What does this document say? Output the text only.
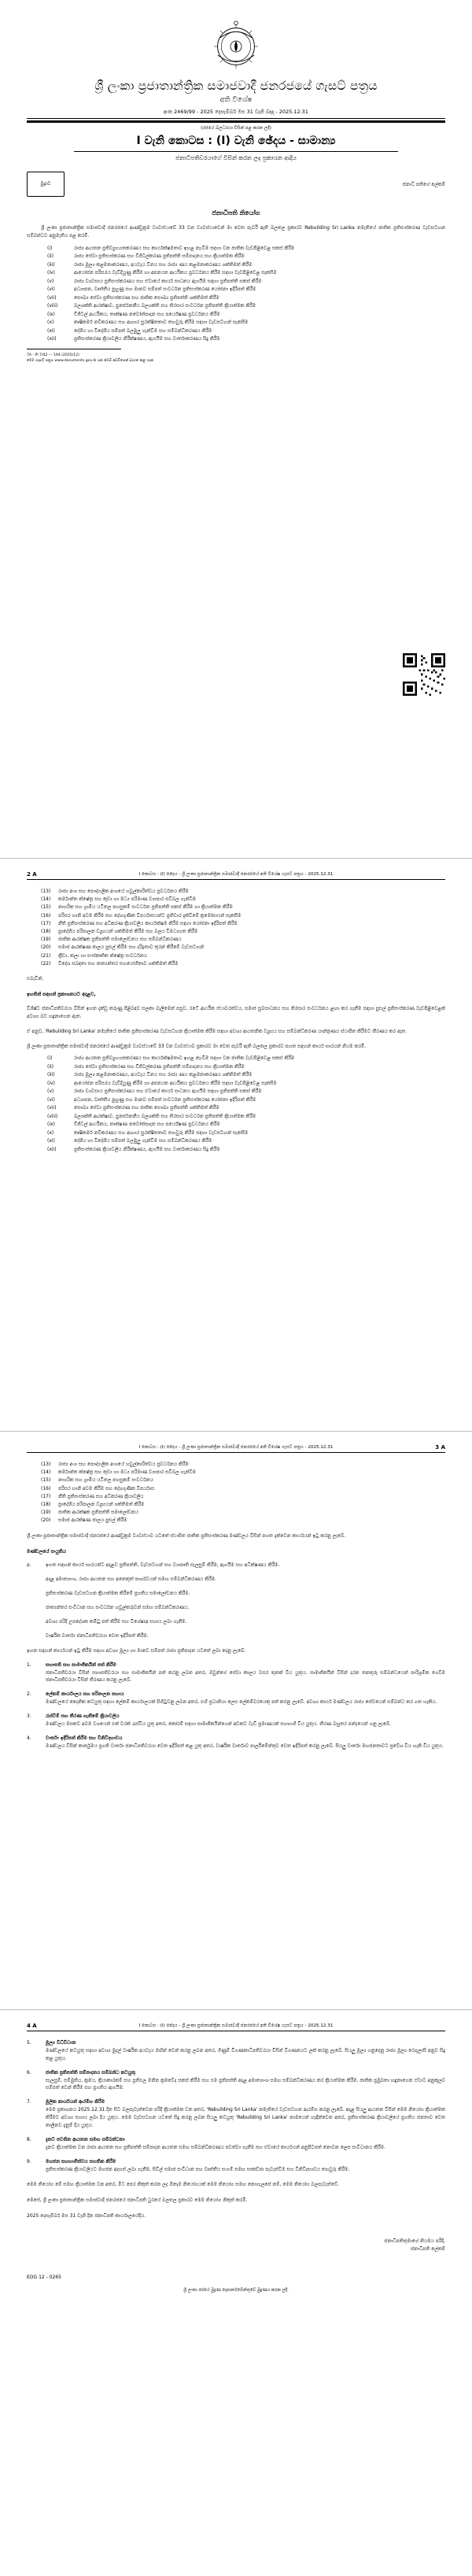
ශ්‍රී ලංකා ප්‍රජාතාන්ත්‍රික සමාජවාදී ජනරජයේ ගැසට් පත්‍රය
අති විශේෂ
අංක 2469/99 - 2025 දෙසැම්බර් මස 31 වැනි බදාදා - 2025.12.31
(රජයේ බලධරයා විසින් පළ කරන ලදි)
I වැනි කොටස : (I) වැනි ඡේදය - සාමාන්‍ය
ජනාධිපතිවරයාගේ විසින් කරන ලද ප්‍රකාශන ආදිය
මුද්‍රාව	ජනාධි පතිගේ ලේකම්
ජනාධිපති නියෝග
ශ්‍රී ලංකා ප්‍රජාතාන්ත්‍රික සමාජවාදී ජනරජයේ ආණ්ඩුක්‍රම ව්‍යවස්ථාවේ 33 වන ව්‍යවස්ථාවෙන් මා වෙත පැවරී ඇති බලතල ප්‍රකාරව Rebuilding Sri Lanka නමැතියේ ජාතික ප්‍රතිසංස්කරණ වැඩසටහන සම්බන්ධව අනුමැතිය පළ කරමි.
(i)	රාජ්‍ය ආයතන ප්‍රතිව්‍යුහගතකරණය සහ කාර්යක්ෂමතාව ඉහළ නැංවීම සඳහා වන ජාතික වැඩපිළිවෙළ සකස් කිරීම
(ii)	රාජ්‍ය සේවා ප්‍රතිසංස්කරණ සහ ඩිජිටල්කරණ ප්‍රතිපත්ති සම්පාදනය සහ ක්‍රියාත්මක කිරීම
(iii)	රාජ්‍ය මූල්‍ය කළමනාකරණය, අයවැය විනය සහ රාජ්‍ය ණය කළමනාකරණය ශක්තිමත් කිරීම
(iv)	ආයෝජන පරිසරය වැඩිදියුණු කිරීම හා අපනයන ආර්ථිකය ප්‍රවර්ධනය කිරීම සඳහා වැඩපිළිවෙළ සැකසීම
(v)	රාජ්‍ය ව්‍යවසාය ප්‍රතිසංස්කරණය සහ ඒවායේ කාර්ය සාධනය ඇගයීම සඳහා ප්‍රතිපත්ති සකස් කිරීම
(vi)	අධ්‍යාපන, වෘත්තීය පුහුණු සහ මානව සම්පත් සංවර්ධන ප්‍රතිසංස්කරණ යෝජනා ඉදිරිපත් කිරීම
(vii)	සෞඛ්‍ය සේවා ප්‍රතිසංස්කරණ සහ ජාතික සෞඛ්‍ය ප්‍රතිපත්ති ශක්තිමත් කිරීම
(viii)	බලශක්ති ආරක්ෂාව, පුනර්ජනනීය බලශක්ති සහ තිරසාර සංවර්ධන ප්‍රතිපත්ති ක්‍රියාත්මක කිරීම
(ix)	ඩිජිටල් ආර්ථිකය, තාක්ෂණ නවෝත්පාදන සහ පර්යේෂණ ප්‍රවර්ධනය කිරීම
(x)	කෘෂිකර්ම නවීකරණය සහ ආහාර සුරක්ෂිතතාව තහවුරු කිරීම සඳහා වැඩසටහන් සැකසීම
(xi)	දේශීය හා විදේශීය සම්පත් බලමුලු ගැන්වීම සහ සම්බන්ධීකරණය කිරීම
(xii)	ප්‍රතිසංස්කරණ ක්‍රියාවලිය නිරීක්ෂණය, ඇගයීම සහ වාර්තාකරණය සිදු කිරීම
7A - Pl 7/42 — 194 (2025/12)
මෙම ගැසට් පත්‍රය www.documents.gov.lk යන වෙබ් අඩවියෙන් බාගත කළ හැක
2 A	I කොටස : (I) ඡේදය - ශ්‍රී ලංකා ප්‍රජාතාන්ත්‍රික සමාජවාදී ජනරජයේ අති විශේෂ ගැසට් පත්‍රය - 2025.12.31
(13)	රාජ්‍ය අංශ සහ පෞද්ගලික අංශයේ හවුල්කාරිත්වය ප්‍රවර්ධනය කිරීම
(14)	කර්මාන්ත ක්ෂේත්‍ර සහ කුඩා හා මධ්‍ය පරිමාණ ව්‍යාපාර සවිබල ගැන්වීම
(15)	නාගරික සහ ග්‍රාමීය යටිතල පහසුකම් සංවර්ධන ප්‍රතිපත්ති සකස් කිරීම හා ක්‍රියාත්මක කිරීම
(16)	පරිසර හානි අවම කිරීම සහ දේශගුණික විපර්යාසයන්ට ප්‍රතිචාර දැක්වීමේ ක්‍රමෝපායන් සැකසීම
(17)	නීති ප්‍රතිසංස්කරණ සහ අධිකරණ ක්‍රියාවලිය කාර්යක්ෂම කිරීම සඳහා යෝජනා ඉදිරිපත් කිරීම
(18)	ප්‍රාදේශීය පරිපාලන ව්‍යුහයන් ශක්තිමත් කිරීම සහ බලය විමධ්‍යගත කිරීම
(19)	ජාතික ආරක්ෂක ප්‍රතිපත්ති සමාලෝචනය සහ සම්බන්ධීකරණය
(20)	සමාජ ආරක්ෂණ ජාලය පුළුල් කිරීම සහ දරිද්‍රතාව තුරන් කිරීමේ වැඩසටහන්
(21)	ක්‍රීඩා, කලා හා සංස්කෘතික ක්ෂේත්‍ර සංවර්ධනය
(22)	විදේශ සබඳතා සහ ජාත්‍යන්තර සහයෝගීතාව ශක්තිමත් කිරීම
එබැවින්,
ඉහතින් සඳහන් ප්‍රකාශනයට අදාළව,
විශිෂ්ට ජනාධිපතිවරයා විසින් ඉහත දැක්වූ කරුණු පිළිබඳව සලකා බැලීමෙන් පසුව, රටේ ආර්ථික ස්ථාවරත්වය, සමාජ සුබසාධනය සහ තිරසාර සංවර්ධනය ළඟා කර ගැනීම සඳහා පුළුල් ප්‍රතිසංස්කරණ වැඩපිළිවෙළක් අවශ්‍ය බව හඳුනාගෙන ඇත.
ඒ අනුව, 'Rebuilding Sri Lanka' නමැතියේ ජාතික ප්‍රතිසංස්කරණ වැඩසටහන ක්‍රියාත්මක කිරීම සඳහා අවශ්‍ය ආයතනික ව්‍යුහය සහ සම්බන්ධීකරණ යාන්ත්‍රණය ස්ථාපිත කිරීමට තීරණය කර ඇත.
ශ්‍රී ලංකා ප්‍රජාතාන්ත්‍රික සමාජවාදී ජනරජයේ ආණ්ඩුක්‍රම ව්‍යවස්ථාවේ 33 වන ව්‍යවස්ථාව ප්‍රකාරව මා වෙත පැවරී ඇති බලතල ප්‍රකාරව පහත සඳහන් කාර්ය භාරයන් නියම කරමි.
(i)	රාජ්‍ය ආයතන ප්‍රතිව්‍යුහගතකරණය සහ කාර්යක්ෂමතාව ඉහළ නැංවීම සඳහා වන ජාතික වැඩපිළිවෙළ සකස් කිරීම
(ii)	රාජ්‍ය සේවා ප්‍රතිසංස්කරණ සහ ඩිජිටල්කරණ ප්‍රතිපත්ති සම්පාදනය සහ ක්‍රියාත්මක කිරීම
(iii)	රාජ්‍ය මූල්‍ය කළමනාකරණය, අයවැය විනය සහ රාජ්‍ය ණය කළමනාකරණය ශක්තිමත් කිරීම
(iv)	ආයෝජන පරිසරය වැඩිදියුණු කිරීම හා අපනයන ආර්ථිකය ප්‍රවර්ධනය කිරීම සඳහා වැඩපිළිවෙළ සැකසීම
(v)	රාජ්‍ය ව්‍යවසාය ප්‍රතිසංස්කරණය සහ ඒවායේ කාර්ය සාධනය ඇගයීම සඳහා ප්‍රතිපත්ති සකස් කිරීම
(vi)	අධ්‍යාපන, වෘත්තීය පුහුණු සහ මානව සම්පත් සංවර්ධන ප්‍රතිසංස්කරණ යෝජනා ඉදිරිපත් කිරීම
(vii)	සෞඛ්‍ය සේවා ප්‍රතිසංස්කරණ සහ ජාතික සෞඛ්‍ය ප්‍රතිපත්ති ශක්තිමත් කිරීම
(viii)	බලශක්ති ආරක්ෂාව, පුනර්ජනනීය බලශක්ති සහ තිරසාර සංවර්ධන ප්‍රතිපත්ති ක්‍රියාත්මක කිරීම
(ix)	ඩිජිටල් ආර්ථිකය, තාක්ෂණ නවෝත්පාදන සහ පර්යේෂණ ප්‍රවර්ධනය කිරීම
(x)	කෘෂිකර්ම නවීකරණය සහ ආහාර සුරක්ෂිතතාව තහවුරු කිරීම සඳහා වැඩසටහන් සැකසීම
(xi)	දේශීය හා විදේශීය සම්පත් බලමුලු ගැන්වීම සහ සම්බන්ධීකරණය කිරීම
(xii)	ප්‍රතිසංස්කරණ ක්‍රියාවලිය නිරීක්ෂණය, ඇගයීම සහ වාර්තාකරණය සිදු කිරීම
I කොටස : (I) ඡේදය - ශ්‍රී ලංකා ප්‍රජාතාන්ත්‍රික සමාජවාදී ජනරජයේ අති විශේෂ ගැසට් පත්‍රය - 2025.12.31	3 A
(13)	රාජ්‍ය අංශ සහ පෞද්ගලික අංශයේ හවුල්කාරිත්වය ප්‍රවර්ධනය කිරීම
(14)	කර්මාන්ත ක්ෂේත්‍ර සහ කුඩා හා මධ්‍ය පරිමාණ ව්‍යාපාර සවිබල ගැන්වීම
(15)	නාගරික සහ ග්‍රාමීය යටිතල පහසුකම් සංවර්ධනය
(16)	පරිසර හානි අවම කිරීම සහ දේශගුණික විපර්යාස
(17)	නීති ප්‍රතිසංස්කරණ සහ අධිකරණ ක්‍රියාවලිය
(18)	ප්‍රාදේශීය පරිපාලන ව්‍යුහයන් ශක්තිමත් කිරීම
(19)	ජාතික ආරක්ෂක ප්‍රතිපත්ති සමාලෝචනය
(20)	සමාජ ආරක්ෂණ ජාලය පුළුල් කිරීම
ශ්‍රී ලංකා ප්‍රජාතාන්ත්‍රික සමාජවාදී ජනරජයේ ආණ්ඩුක්‍රම ව්‍යවස්ථාව යටතේ ස්ථාපිත ජාතික ප්‍රතිසංස්කරණ මණ්ඩලය විසින් පහත දැක්වෙන කාර්යයන් ඉටු කරනු ලැබේ.
මණ්ඩලයේ සංයුතිය
අ.	ඉහත සඳහන් කාර්ය භාරයන්ට අදාළව ප්‍රතිපත්ති, වැඩසටහන් සහ ව්‍යාපෘති සැලසුම් කිරීම, ඇගයීම සහ අධීක්ෂණය කිරීම.
අදාළ අමාත්‍යාංශ, රාජ්‍ය ආයතන සහ අනෙකුත් පාර්ශවයන් සමඟ සම්බන්ධීකරණය කිරීම.
ප්‍රතිසංස්කරණ වැඩසටහන ක්‍රියාත්මක කිරීමේ ප්‍රගතිය සමාලෝචනය කිරීම.
ජාත්‍යන්තර සංවිධාන සහ සංවර්ධන හවුල්කරුවන් සමඟ සම්බන්ධීකරණය.
අවශ්‍ය පරිදි උපදේශක කමිටු පත් කිරීම සහ විශේෂඥ සහාය ලබා ගැනීම.
වාර්ෂික වාර්තා ජනාධිපතිවරයා වෙත ඉදිරිපත් කිරීම.
ඉහත සඳහන් කාර්යයන් ඉටු කිරීම සඳහා අවශ්‍ය මූල්‍ය හා මානව සම්පත් රාජ්‍ය ප්‍රතිපාදන යටතේ ලබා දෙනු ලැබේ.
1.	සභාපති සහ සාමාජිකයින් පත් කිරීම
ජනාධිපතිවරයා විසින් සභාපතිවරයා සහ සාමාජිකයින් පත් කරනු ලබන අතර, ඔවුන්ගේ සේවා කාලය වසර තුනක් විය යුතුය. සාමාජිකයින් විසින් දරන තනතුරු සම්බන්ධයෙන් පාරිශ්‍රමික ගෙවීම ජනාධිපතිවරයා විසින් තීරණය කරනු ලැබේ.
2.	ලේකම් කාර්යාලය සහ පරිපාලන සහාය
මණ්ඩලයේ දෛනික කටයුතු සඳහා ලේකම් කාර්යාලයක් පිහිටුවනු ලබන අතර, එහි ප්‍රධානියා ලෙස ලේකම්වරයෙකු පත් කරනු ලැබේ. අවශ්‍ය කාර්ය මණ්ඩලය රාජ්‍ය සේවයෙන් සම්බන්ධ කර ගත හැකිය.
3.	රැස්වීම් සහ තීරණ ගැනීමේ ක්‍රියාවලිය
මණ්ඩලය මසකට අවම වශයෙන් එක් වරක් රැස්විය යුතු අතර, කෝරම් සඳහා සාමාජිකයින්ගෙන් අඩකට වැඩි ප්‍රමාණයක් සහභාගී විය යුතුය. තීරණ බහුතර ඡන්දයෙන් ගනු ලැබේ.
4.	වාර්තා ඉදිරිපත් කිරීම සහ විනිවිදභාවය
මණ්ඩලය විසින් කාර්තුමය ප්‍රගති වාර්තා ජනාධිපතිවරයා වෙත ඉදිරිපත් කළ යුතු අතර, වාර්ෂික වාර්තාව පාර්ලිමේන්තුව වෙත ඉදිරිපත් කරනු ලැබේ. සියලු වාර්තා මහජනතාවට ප්‍රවේශ විය හැකි විය යුතුය.
4 A	I කොටස : (I) ඡේදය - ශ්‍රී ලංකා ප්‍රජාතාන්ත්‍රික සමාජවාදී ජනරජයේ අති විශේෂ ගැසට් පත්‍රය - 2025.12.31
5.	මූල්‍ය විධිවිධාන
මණ්ඩලයේ කටයුතු සඳහා අවශ්‍ය මුදල් වාර්ෂික අයවැය මඟින් වෙන් කරනු ලබන අතර, ගිණුම් විගණකාධිපතිවරයා විසින් විගණනයට ලක් කරනු ලැබේ. සියලු මූල්‍ය ගනුදෙනු රාජ්‍ය මූල්‍ය රෙගුලාසි අනුව සිදු කළ යුතුය.
6.	ජාතික ප්‍රතිපත්ති සම්පාදනය සම්බන්ධ කටයුතු
සැලසුම්, සම්මුතිය, ක්‍රමය, ක්‍රියාකාරකම් සහ ප්‍රතිඵල මනින ක්‍රමවේද සකස් කිරීම සහ එම ප්‍රතිපත්ති අදාළ අමාත්‍යාංශ සමඟ සම්බන්ධීකරණය කර ක්‍රියාත්මක කිරීම. ජාතික ප්‍රමුඛතා හඳුනාගෙන ඒවාට අනුකූලව සම්පත් වෙන් කිරීම සහ ප්‍රගතිය ඇගයීම.
7.	මූලික කාර්යයන් ආරම්භ කිරීම
මෙම ප්‍රකාශනය 2025.12.31 දින සිට බලපැවැත්වෙන පරිදි ක්‍රියාත්මක වන අතර, 'Rebuilding Sri Lanka' නමැතියේ වැඩසටහන ආරම්භ කරනු ලැබේ. අදාළ සියලු ආයතන විසින් මෙම නියෝග ක්‍රියාත්මක කිරීමට අවශ්‍ය සහාය ලබා දිය යුතුය. මෙම වැඩසටහන යටතේ සිදු කරනු ලබන සියලු කටයුතු 'Rebuilding Sri Lanka' නාමයෙන් හැඳින්වෙන අතර, ප්‍රතිසංස්කරණ ක්‍රියාවලියේ ප්‍රගතිය ජනතාව වෙත කාලීනව දැනුම් දිය යුතුය.
8.	දැනට පවතින ආයතන සමඟ සම්බන්ධතා
දැනට ක්‍රියාත්මක වන රාජ්‍ය ආයතන සහ ප්‍රතිපත්ති සම්පාදන ආයතන සමඟ සම්බන්ධීකරණය පවත්වා ගැනීම සහ ඒවායේ කාර්යයන් අනුපිටපත් නොවන ලෙස සංවිධානය කිරීම.
9.	මහජන සහභාගීත්වය සහතික කිරීම
ප්‍රතිසංස්කරණ ක්‍රියාවලියට මහජන අදහස් ලබා ගැනීම, සිවිල් සමාජ සංවිධාන සහ වෘත්තීය සංගම් සමඟ සාකච්ඡා පැවැත්වීම සහ විනිවිදභාවය තහවුරු කිරීම.
මෙම නියෝග මේ සමඟ ක්‍රියාත්මක වන අතර, මීට පෙර නිකුත් කරන ලද ඕනෑම නියෝගයක් මෙම නියෝග සමඟ නොගැලපේ නම්, මෙම නියෝග බලපැවැත්වේ.
මෙසේ, ශ්‍රී ලංකා ප්‍රජාතාන්ත්‍රික සමාජවාදී ජනරජයේ ජනාධිපති ධුරයේ බලතල ප්‍රකාරව මෙම නියෝග නිකුත් කරමි.
2025 දෙසැම්බර් මස 31 වැනි දින ජනාධිපති කාර්යාලයේදීය.
ජනාධිපතිතුමාගේ නියමය පරිදි,
ජනාධිපති ලේකම්
EOG 12 - 0265
ශ්‍රී ලංකා රජයේ මුද්‍රණ දෙපාර්තමේන්තුවේ මුද්‍රණය කරන ලදී.
